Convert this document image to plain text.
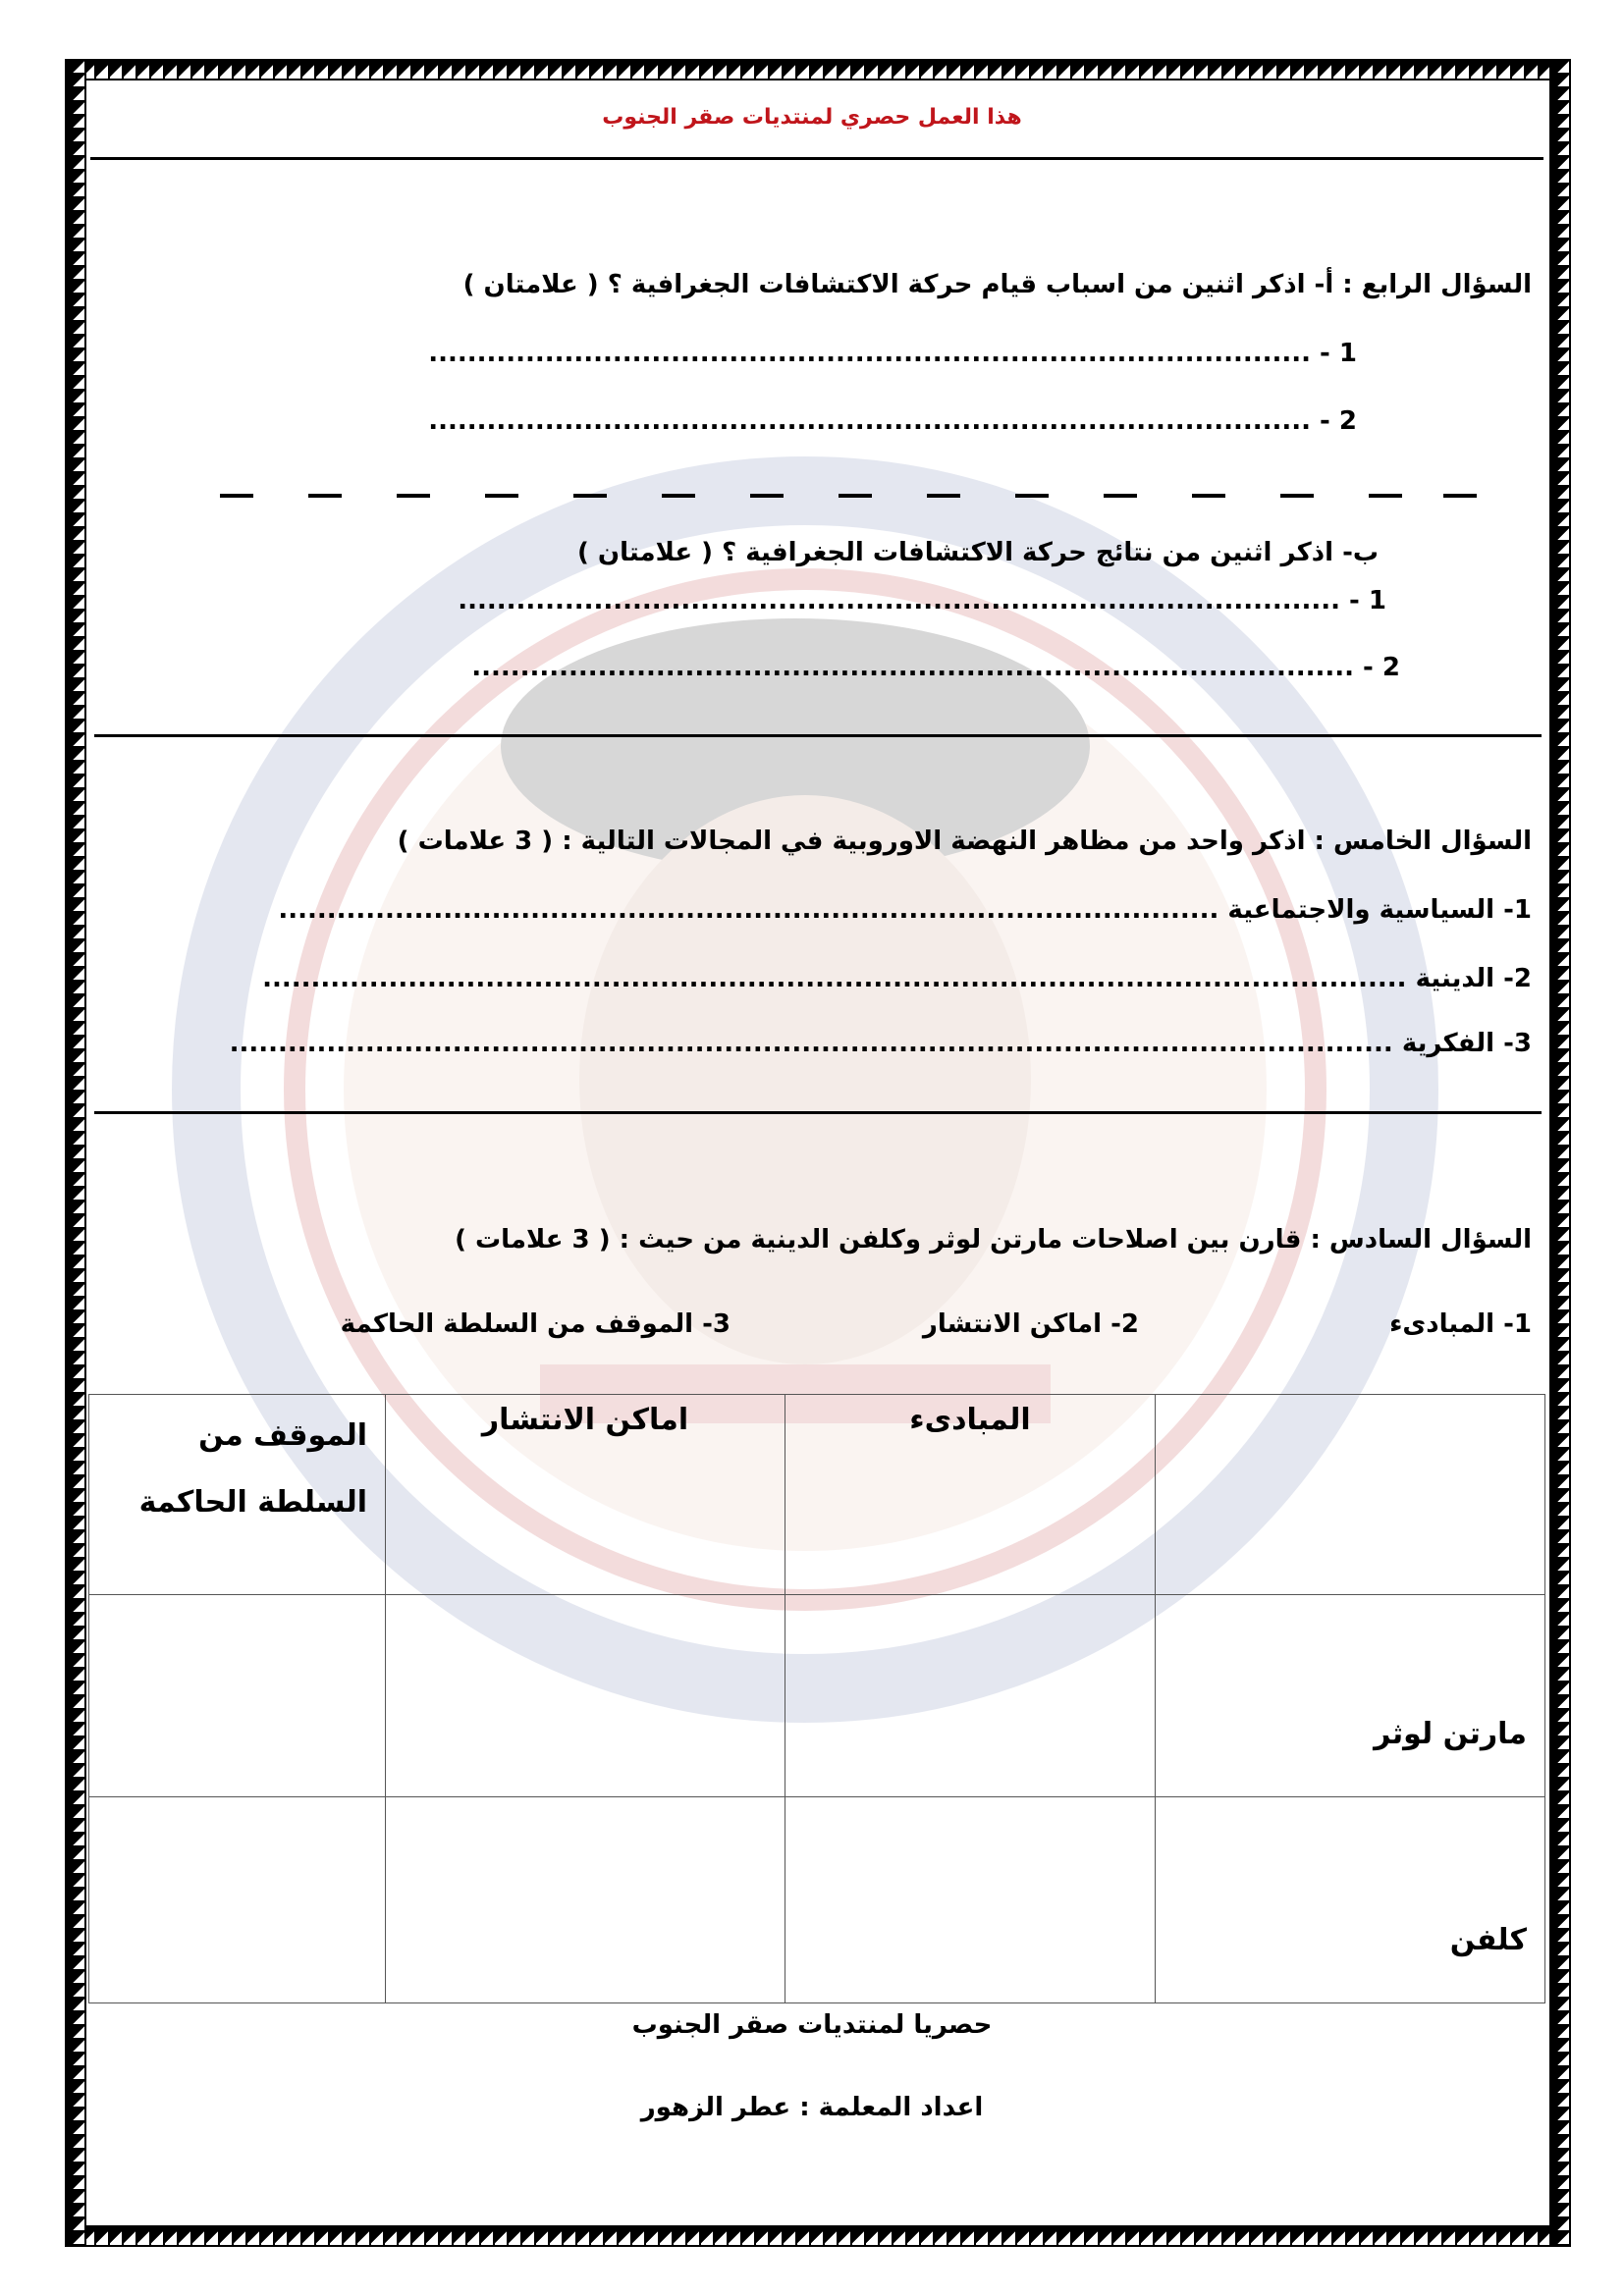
هذا العمل حصري لمنتديات صقر الجنوب
السؤال الرابع : أ- اذكر اثنين من اسباب قيام حركة الاكتشافات الجغرافية ؟ ( علامتان )
1 - ...........................................................................................
2 - ...........................................................................................
ب- اذكر اثنين من نتائج حركة الاكتشافات الجغرافية ؟ ( علامتان )
1 - ...........................................................................................
2 - ...........................................................................................
السؤال الخامس : اذكر واحد من مظاهر النهضة الاوروبية في المجالات التالية : ( 3 علامات )
1- السياسية والاجتماعية .................................................................................................
2- الدينية ......................................................................................................................
3- الفكرية ........................................................................................................................
السؤال السادس : قارن بين اصلاحات مارتن لوثر وكلفن الدينية من حيث : ( 3 علامات )
1- المبادىء
2- اماكن الانتشار
3- الموقف من السلطة الحاكمة
	المبادىء	اماكن الانتشار	الموقف من السلطة الحاكمة
مارتن لوثر			
كلفن			
حصريا لمنتديات صقر الجنوب
اعداد المعلمة : عطر الزهور
